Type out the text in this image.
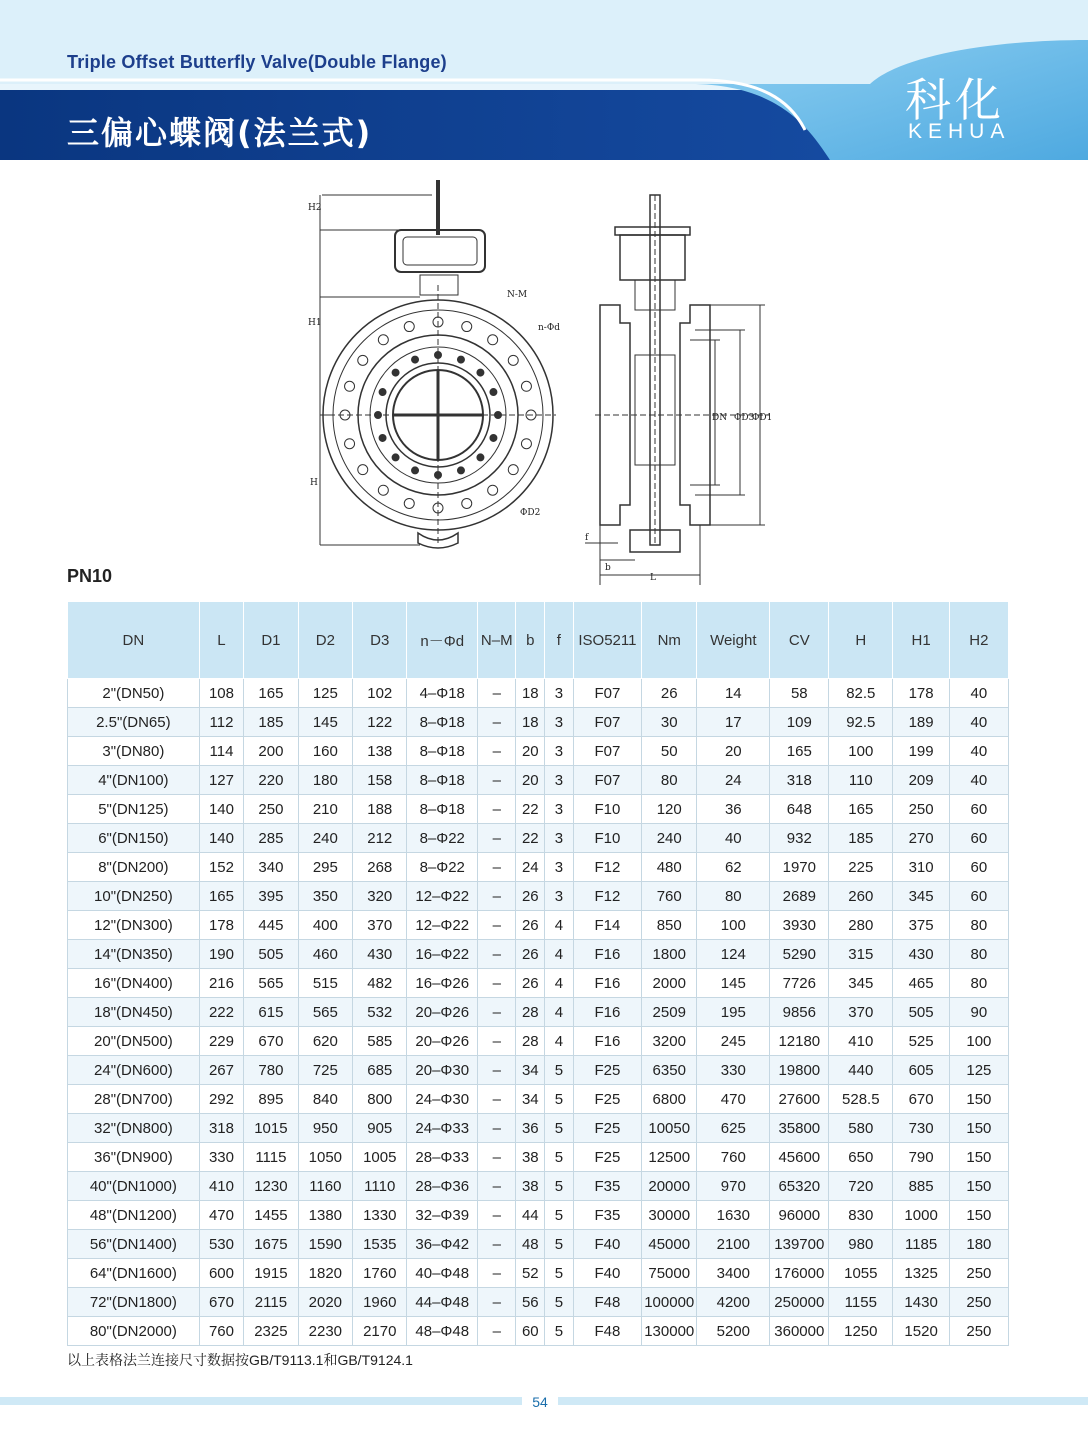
Triple Offset Butterfly Valve(Double Flange)
三偏心蝶阀(法兰式)
科化
KEHUA
H2
H1
H
N-M
n-Φd
ΦD2
DN ΦD3
ΦD1
f
b
L
PN10
DN	L	D1	D2	D3	n－Φd	N–M	b	f	ISO5211	Nm	Weight	CV	H	H1	H2
2"(DN50)	108	165	125	102	4–Φ18	–	18	3	F07	26	14	58	82.5	178	40
2.5"(DN65)	112	185	145	122	8–Φ18	–	18	3	F07	30	17	109	92.5	189	40
3"(DN80)	114	200	160	138	8–Φ18	–	20	3	F07	50	20	165	100	199	40
4"(DN100)	127	220	180	158	8–Φ18	–	20	3	F07	80	24	318	110	209	40
5"(DN125)	140	250	210	188	8–Φ18	–	22	3	F10	120	36	648	165	250	60
6"(DN150)	140	285	240	212	8–Φ22	–	22	3	F10	240	40	932	185	270	60
8"(DN200)	152	340	295	268	8–Φ22	–	24	3	F12	480	62	1970	225	310	60
10"(DN250)	165	395	350	320	12–Φ22	–	26	3	F12	760	80	2689	260	345	60
12"(DN300)	178	445	400	370	12–Φ22	–	26	4	F14	850	100	3930	280	375	80
14"(DN350)	190	505	460	430	16–Φ22	–	26	4	F16	1800	124	5290	315	430	80
16"(DN400)	216	565	515	482	16–Φ26	–	26	4	F16	2000	145	7726	345	465	80
18"(DN450)	222	615	565	532	20–Φ26	–	28	4	F16	2509	195	9856	370	505	90
20"(DN500)	229	670	620	585	20–Φ26	–	28	4	F16	3200	245	12180	410	525	100
24"(DN600)	267	780	725	685	20–Φ30	–	34	5	F25	6350	330	19800	440	605	125
28"(DN700)	292	895	840	800	24–Φ30	–	34	5	F25	6800	470	27600	528.5	670	150
32"(DN800)	318	1015	950	905	24–Φ33	–	36	5	F25	10050	625	35800	580	730	150
36"(DN900)	330	1115	1050	1005	28–Φ33	–	38	5	F25	12500	760	45600	650	790	150
40"(DN1000)	410	1230	1160	1110	28–Φ36	–	38	5	F35	20000	970	65320	720	885	150
48"(DN1200)	470	1455	1380	1330	32–Φ39	–	44	5	F35	30000	1630	96000	830	1000	150
56"(DN1400)	530	1675	1590	1535	36–Φ42	–	48	5	F40	45000	2100	139700	980	1185	180
64"(DN1600)	600	1915	1820	1760	40–Φ48	–	52	5	F40	75000	3400	176000	1055	1325	250
72"(DN1800)	670	2115	2020	1960	44–Φ48	–	56	5	F48	100000	4200	250000	1155	1430	250
80"(DN2000)	760	2325	2230	2170	48–Φ48	–	60	5	F48	130000	5200	360000	1250	1520	250
以上表格法兰连接尺寸数据按GB/T9113.1和GB/T9124.1
54
